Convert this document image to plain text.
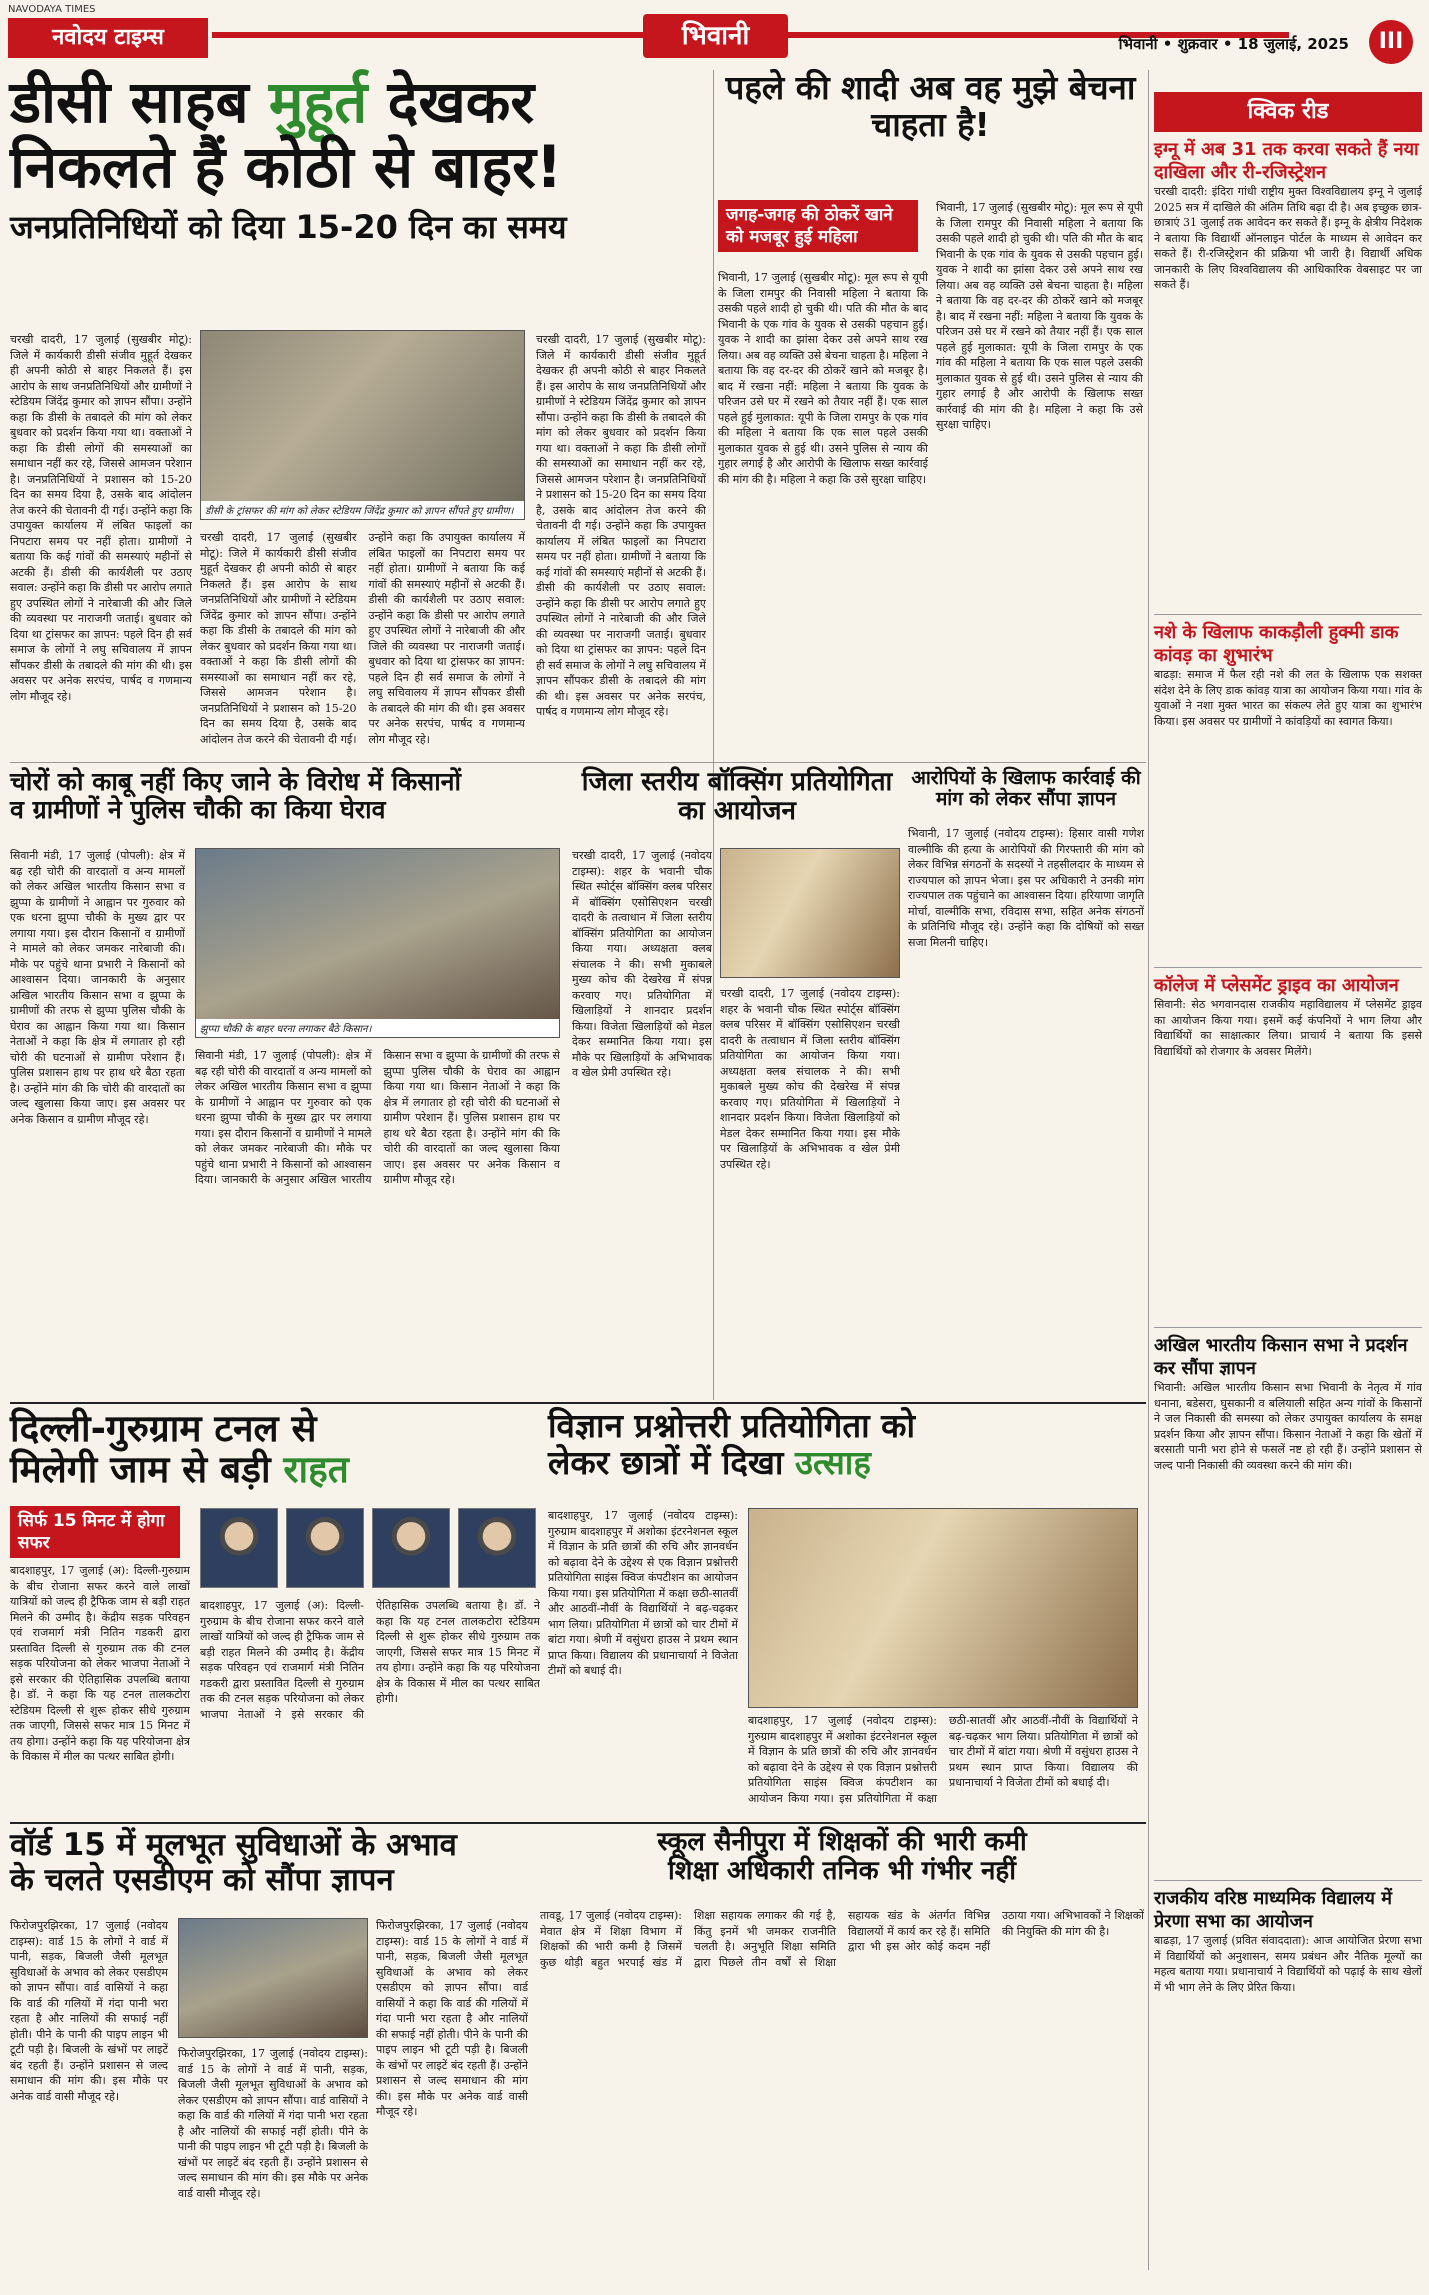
NAVODAYA TIMES
नवोदय टाइम्स	भिवानी	भिवानी • शुक्रवार • 18 जुलाई, 2025	III
डीसी साहब मुहूर्त देखकर
निकलते हैं कोठी से बाहर!
जनप्रतिनिधियों को दिया 15-20 दिन का समय
डीसी के ट्रांसफर की मांग को लेकर स्टेडियम जिंदेंद्र कुमार को ज्ञापन सौंपते हुए ग्रामीण।
चरखी दादरी, 17 जुलाई (सुखबीर मोटू): जिले में कार्यकारी डीसी संजीव मुहूर्त देखकर ही अपनी कोठी से बाहर निकलते हैं। इस आरोप के साथ जनप्रतिनिधियों और ग्रामीणों ने स्टेडियम जिंदेंद्र कुमार को ज्ञापन सौंपा। उन्होंने कहा कि डीसी के तबादले की मांग को लेकर बुधवार को प्रदर्शन किया गया था। वक्ताओं ने कहा कि डीसी लोगों की समस्याओं का समाधान नहीं कर रहे, जिससे आमजन परेशान है। जनप्रतिनिधियों ने प्रशासन को 15-20 दिन का समय दिया है, उसके बाद आंदोलन तेज करने की चेतावनी दी गई। उन्होंने कहा कि उपायुक्त कार्यालय में लंबित फाइलों का निपटारा समय पर नहीं होता। ग्रामीणों ने बताया कि कई गांवों की समस्याएं महीनों से अटकी हैं। डीसी की कार्यशैली पर उठाए सवाल: उन्होंने कहा कि डीसी पर आरोप लगाते हुए उपस्थित लोगों ने नारेबाजी की और जिले की व्यवस्था पर नाराजगी जताई। बुधवार को दिया था ट्रांसफर का ज्ञापन: पहले दिन ही सर्व समाज के लोगों ने लघु सचिवालय में ज्ञापन सौंपकर डीसी के तबादले की मांग की थी। इस अवसर पर अनेक सरपंच, पार्षद व गणमान्य लोग मौजूद रहे।
चरखी दादरी, 17 जुलाई (सुखबीर मोटू): जिले में कार्यकारी डीसी संजीव मुहूर्त देखकर ही अपनी कोठी से बाहर निकलते हैं। इस आरोप के साथ जनप्रतिनिधियों और ग्रामीणों ने स्टेडियम जिंदेंद्र कुमार को ज्ञापन सौंपा। उन्होंने कहा कि डीसी के तबादले की मांग को लेकर बुधवार को प्रदर्शन किया गया था। वक्ताओं ने कहा कि डीसी लोगों की समस्याओं का समाधान नहीं कर रहे, जिससे आमजन परेशान है। जनप्रतिनिधियों ने प्रशासन को 15-20 दिन का समय दिया है, उसके बाद आंदोलन तेज करने की चेतावनी दी गई। उन्होंने कहा कि उपायुक्त कार्यालय में लंबित फाइलों का निपटारा समय पर नहीं होता। ग्रामीणों ने बताया कि कई गांवों की समस्याएं महीनों से अटकी हैं। डीसी की कार्यशैली पर उठाए सवाल: उन्होंने कहा कि डीसी पर आरोप लगाते हुए उपस्थित लोगों ने नारेबाजी की और जिले की व्यवस्था पर नाराजगी जताई। बुधवार को दिया था ट्रांसफर का ज्ञापन: पहले दिन ही सर्व समाज के लोगों ने लघु सचिवालय में ज्ञापन सौंपकर डीसी के तबादले की मांग की थी। इस अवसर पर अनेक सरपंच, पार्षद व गणमान्य लोग मौजूद रहे।
चरखी दादरी, 17 जुलाई (सुखबीर मोटू): जिले में कार्यकारी डीसी संजीव मुहूर्त देखकर ही अपनी कोठी से बाहर निकलते हैं। इस आरोप के साथ जनप्रतिनिधियों और ग्रामीणों ने स्टेडियम जिंदेंद्र कुमार को ज्ञापन सौंपा। उन्होंने कहा कि डीसी के तबादले की मांग को लेकर बुधवार को प्रदर्शन किया गया था। वक्ताओं ने कहा कि डीसी लोगों की समस्याओं का समाधान नहीं कर रहे, जिससे आमजन परेशान है। जनप्रतिनिधियों ने प्रशासन को 15-20 दिन का समय दिया है, उसके बाद आंदोलन तेज करने की चेतावनी दी गई। उन्होंने कहा कि उपायुक्त कार्यालय में लंबित फाइलों का निपटारा समय पर नहीं होता। ग्रामीणों ने बताया कि कई गांवों की समस्याएं महीनों से अटकी हैं। डीसी की कार्यशैली पर उठाए सवाल: उन्होंने कहा कि डीसी पर आरोप लगाते हुए उपस्थित लोगों ने नारेबाजी की और जिले की व्यवस्था पर नाराजगी जताई। बुधवार को दिया था ट्रांसफर का ज्ञापन: पहले दिन ही सर्व समाज के लोगों ने लघु सचिवालय में ज्ञापन सौंपकर डीसी के तबादले की मांग की थी। इस अवसर पर अनेक सरपंच, पार्षद व गणमान्य लोग मौजूद रहे।
पहले की शादी अब वह मुझे बेचना चाहता है!
जगह-जगह की ठोकरें खाने को मजबूर हुई महिला
भिवानी, 17 जुलाई (सुखबीर मोटू): मूल रूप से यूपी के जिला रामपुर की निवासी महिला ने बताया कि उसकी पहले शादी हो चुकी थी। पति की मौत के बाद भिवानी के एक गांव के युवक से उसकी पहचान हुई। युवक ने शादी का झांसा देकर उसे अपने साथ रख लिया। अब वह व्यक्ति उसे बेचना चाहता है। महिला ने बताया कि वह दर-दर की ठोकरें खाने को मजबूर है। बाद में रखना नहीं: महिला ने बताया कि युवक के परिजन उसे घर में रखने को तैयार नहीं हैं। एक साल पहले हुई मुलाकात: यूपी के जिला रामपुर के एक गांव की महिला ने बताया कि एक साल पहले उसकी मुलाकात युवक से हुई थी। उसने पुलिस से न्याय की गुहार लगाई है और आरोपी के खिलाफ सख्त कार्रवाई की मांग की है। महिला ने कहा कि उसे सुरक्षा चाहिए।
भिवानी, 17 जुलाई (सुखबीर मोटू): मूल रूप से यूपी के जिला रामपुर की निवासी महिला ने बताया कि उसकी पहले शादी हो चुकी थी। पति की मौत के बाद भिवानी के एक गांव के युवक से उसकी पहचान हुई। युवक ने शादी का झांसा देकर उसे अपने साथ रख लिया। अब वह व्यक्ति उसे बेचना चाहता है। महिला ने बताया कि वह दर-दर की ठोकरें खाने को मजबूर है। बाद में रखना नहीं: महिला ने बताया कि युवक के परिजन उसे घर में रखने को तैयार नहीं हैं। एक साल पहले हुई मुलाकात: यूपी के जिला रामपुर के एक गांव की महिला ने बताया कि एक साल पहले उसकी मुलाकात युवक से हुई थी। उसने पुलिस से न्याय की गुहार लगाई है और आरोपी के खिलाफ सख्त कार्रवाई की मांग की है। महिला ने कहा कि उसे सुरक्षा चाहिए।
क्विक रीड
इग्नू में अब 31 तक करवा सकते हैं नया दाखिला और री-रजिस्ट्रेशन
चरखी दादरी: इंदिरा गांधी राष्ट्रीय मुक्त विश्वविद्यालय इग्नू ने जुलाई 2025 सत्र में दाखिले की अंतिम तिथि बढ़ा दी है। अब इच्छुक छात्र-छात्राएं 31 जुलाई तक आवेदन कर सकते हैं। इग्नू के क्षेत्रीय निदेशक ने बताया कि विद्यार्थी ऑनलाइन पोर्टल के माध्यम से आवेदन कर सकते हैं। री-रजिस्ट्रेशन की प्रक्रिया भी जारी है। विद्यार्थी अधिक जानकारी के लिए विश्वविद्यालय की आधिकारिक वेबसाइट पर जा सकते हैं।
नशे के खिलाफ काकड़ौली हुक्मी डाक कांवड़ का शुभारंभ
बाढड़ा: समाज में फैल रही नशे की लत के खिलाफ एक सशक्त संदेश देने के लिए डाक कांवड़ यात्रा का आयोजन किया गया। गांव के युवाओं ने नशा मुक्त भारत का संकल्प लेते हुए यात्रा का शुभारंभ किया। इस अवसर पर ग्रामीणों ने कांवड़ियों का स्वागत किया।
कॉलेज में प्लेसमेंट ड्राइव का आयोजन
सिवानी: सेठ भगवानदास राजकीय महाविद्यालय में प्लेसमेंट ड्राइव का आयोजन किया गया। इसमें कई कंपनियों ने भाग लिया और विद्यार्थियों का साक्षात्कार लिया। प्राचार्य ने बताया कि इससे विद्यार्थियों को रोजगार के अवसर मिलेंगे।
अखिल भारतीय किसान सभा ने प्रदर्शन कर सौंपा ज्ञापन
भिवानी: अखिल भारतीय किसान सभा भिवानी के नेतृत्व में गांव धनाना, बडेसरा, घुसकानी व बलियाली सहित अन्य गांवों के किसानों ने जल निकासी की समस्या को लेकर उपायुक्त कार्यालय के समक्ष प्रदर्शन किया और ज्ञापन सौंपा। किसान नेताओं ने कहा कि खेतों में बरसाती पानी भरा होने से फसलें नष्ट हो रही हैं। उन्होंने प्रशासन से जल्द पानी निकासी की व्यवस्था करने की मांग की।
राजकीय वरिष्ठ माध्यमिक विद्यालय में प्रेरणा सभा का आयोजन
बाढड़ा, 17 जुलाई (प्रवित संवाददाता): आज आयोजित प्रेरणा सभा में विद्यार्थियों को अनुशासन, समय प्रबंधन और नैतिक मूल्यों का महत्व बताया गया। प्रधानाचार्य ने विद्यार्थियों को पढ़ाई के साथ खेलों में भी भाग लेने के लिए प्रेरित किया।
चोरों को काबू नहीं किए जाने के विरोध में किसानों
व ग्रामीणों ने पुलिस चौकी का किया घेराव
सिवानी मंडी, 17 जुलाई (पोपली): क्षेत्र में बढ़ रही चोरी की वारदातों व अन्य मामलों को लेकर अखिल भारतीय किसान सभा व झुप्पा के ग्रामीणों ने आह्वान पर गुरुवार को एक धरना झुप्पा चौकी के मुख्य द्वार पर लगाया गया। इस दौरान किसानों व ग्रामीणों ने मामले को लेकर जमकर नारेबाजी की। मौके पर पहुंचे थाना प्रभारी ने किसानों को आश्वासन दिया। जानकारी के अनुसार अखिल भारतीय किसान सभा व झुप्पा के ग्रामीणों की तरफ से झुप्पा पुलिस चौकी के घेराव का आह्वान किया गया था। किसान नेताओं ने कहा कि क्षेत्र में लगातार हो रही चोरी की घटनाओं से ग्रामीण परेशान हैं। पुलिस प्रशासन हाथ पर हाथ धरे बैठा रहता है। उन्होंने मांग की कि चोरी की वारदातों का जल्द खुलासा किया जाए। इस अवसर पर अनेक किसान व ग्रामीण मौजूद रहे।
झुप्पा चौकी के बाहर धरना लगाकर बैठे किसान।
सिवानी मंडी, 17 जुलाई (पोपली): क्षेत्र में बढ़ रही चोरी की वारदातों व अन्य मामलों को लेकर अखिल भारतीय किसान सभा व झुप्पा के ग्रामीणों ने आह्वान पर गुरुवार को एक धरना झुप्पा चौकी के मुख्य द्वार पर लगाया गया। इस दौरान किसानों व ग्रामीणों ने मामले को लेकर जमकर नारेबाजी की। मौके पर पहुंचे थाना प्रभारी ने किसानों को आश्वासन दिया। जानकारी के अनुसार अखिल भारतीय किसान सभा व झुप्पा के ग्रामीणों की तरफ से झुप्पा पुलिस चौकी के घेराव का आह्वान किया गया था। किसान नेताओं ने कहा कि क्षेत्र में लगातार हो रही चोरी की घटनाओं से ग्रामीण परेशान हैं। पुलिस प्रशासन हाथ पर हाथ धरे बैठा रहता है। उन्होंने मांग की कि चोरी की वारदातों का जल्द खुलासा किया जाए। इस अवसर पर अनेक किसान व ग्रामीण मौजूद रहे।
जिला स्तरीय बॉक्सिंग प्रतियोगिता का आयोजन
चरखी दादरी, 17 जुलाई (नवोदय टाइम्स): शहर के भवानी चौक स्थित स्पोर्ट्स बॉक्सिंग क्लब परिसर में बॉक्सिंग एसोसिएशन चरखी दादरी के तत्वाधान में जिला स्तरीय बॉक्सिंग प्रतियोगिता का आयोजन किया गया। अध्यक्षता क्लब संचालक ने की। सभी मुकाबले मुख्य कोच की देखरेख में संपन्न करवाए गए। प्रतियोगिता में खिलाड़ियों ने शानदार प्रदर्शन किया। विजेता खिलाड़ियों को मेडल देकर सम्मानित किया गया। इस मौके पर खिलाड़ियों के अभिभावक व खेल प्रेमी उपस्थित रहे।
चरखी दादरी, 17 जुलाई (नवोदय टाइम्स): शहर के भवानी चौक स्थित स्पोर्ट्स बॉक्सिंग क्लब परिसर में बॉक्सिंग एसोसिएशन चरखी दादरी के तत्वाधान में जिला स्तरीय बॉक्सिंग प्रतियोगिता का आयोजन किया गया। अध्यक्षता क्लब संचालक ने की। सभी मुकाबले मुख्य कोच की देखरेख में संपन्न करवाए गए। प्रतियोगिता में खिलाड़ियों ने शानदार प्रदर्शन किया। विजेता खिलाड़ियों को मेडल देकर सम्मानित किया गया। इस मौके पर खिलाड़ियों के अभिभावक व खेल प्रेमी उपस्थित रहे।
आरोपियों के खिलाफ कार्रवाई की मांग को लेकर सौंपा ज्ञापन
भिवानी, 17 जुलाई (नवोदय टाइम्स): हिसार वासी गणेश वाल्मीकि की हत्या के आरोपियों की गिरफ्तारी की मांग को लेकर विभिन्न संगठनों के सदस्यों ने तहसीलदार के माध्यम से राज्यपाल को ज्ञापन भेजा। इस पर अधिकारी ने उनकी मांग राज्यपाल तक पहुंचाने का आश्वासन दिया। हरियाणा जागृति मोर्चा, वाल्मीकि सभा, रविदास सभा, सहित अनेक संगठनों के प्रतिनिधि मौजूद रहे। उन्होंने कहा कि दोषियों को सख्त सजा मिलनी चाहिए।
दिल्ली-गुरुग्राम टनल से
मिलेगी जाम से बड़ी राहत
सिर्फ 15 मिनट में होगा सफर
बादशाहपुर, 17 जुलाई (अ): दिल्ली-गुरुग्राम के बीच रोजाना सफर करने वाले लाखों यात्रियों को जल्द ही ट्रैफिक जाम से बड़ी राहत मिलने की उम्मीद है। केंद्रीय सड़क परिवहन एवं राजमार्ग मंत्री नितिन गडकरी द्वारा प्रस्तावित दिल्ली से गुरुग्राम तक की टनल सड़क परियोजना को लेकर भाजपा नेताओं ने इसे सरकार की ऐतिहासिक उपलब्धि बताया है। डॉ. ने कहा कि यह टनल तालकटोरा स्टेडियम दिल्ली से शुरू होकर सीधे गुरुग्राम तक जाएगी, जिससे सफर मात्र 15 मिनट में तय होगा। उन्होंने कहा कि यह परियोजना क्षेत्र के विकास में मील का पत्थर साबित होगी।
बादशाहपुर, 17 जुलाई (अ): दिल्ली-गुरुग्राम के बीच रोजाना सफर करने वाले लाखों यात्रियों को जल्द ही ट्रैफिक जाम से बड़ी राहत मिलने की उम्मीद है। केंद्रीय सड़क परिवहन एवं राजमार्ग मंत्री नितिन गडकरी द्वारा प्रस्तावित दिल्ली से गुरुग्राम तक की टनल सड़क परियोजना को लेकर भाजपा नेताओं ने इसे सरकार की ऐतिहासिक उपलब्धि बताया है। डॉ. ने कहा कि यह टनल तालकटोरा स्टेडियम दिल्ली से शुरू होकर सीधे गुरुग्राम तक जाएगी, जिससे सफर मात्र 15 मिनट में तय होगा। उन्होंने कहा कि यह परियोजना क्षेत्र के विकास में मील का पत्थर साबित होगी।
विज्ञान प्रश्नोत्तरी प्रतियोगिता को
लेकर छात्रों में दिखा उत्साह
बादशाहपुर, 17 जुलाई (नवोदय टाइम्स): गुरुग्राम बादशाहपुर में अशोका इंटरनेशनल स्कूल में विज्ञान के प्रति छात्रों की रुचि और ज्ञानवर्धन को बढ़ावा देने के उद्देश्य से एक विज्ञान प्रश्नोत्तरी प्रतियोगिता साइंस क्विज कंपटीशन का आयोजन किया गया। इस प्रतियोगिता में कक्षा छठी-सातवीं और आठवीं-नौवीं के विद्यार्थियों ने बढ़-चढ़कर भाग लिया। प्रतियोगिता में छात्रों को चार टीमों में बांटा गया। श्रेणी में वसुंधरा हाउस ने प्रथम स्थान प्राप्त किया। विद्यालय की प्रधानाचार्या ने विजेता टीमों को बधाई दी।
बादशाहपुर, 17 जुलाई (नवोदय टाइम्स): गुरुग्राम बादशाहपुर में अशोका इंटरनेशनल स्कूल में विज्ञान के प्रति छात्रों की रुचि और ज्ञानवर्धन को बढ़ावा देने के उद्देश्य से एक विज्ञान प्रश्नोत्तरी प्रतियोगिता साइंस क्विज कंपटीशन का आयोजन किया गया। इस प्रतियोगिता में कक्षा छठी-सातवीं और आठवीं-नौवीं के विद्यार्थियों ने बढ़-चढ़कर भाग लिया। प्रतियोगिता में छात्रों को चार टीमों में बांटा गया। श्रेणी में वसुंधरा हाउस ने प्रथम स्थान प्राप्त किया। विद्यालय की प्रधानाचार्या ने विजेता टीमों को बधाई दी।
वॉर्ड 15 में मूलभूत सुविधाओं के अभाव
के चलते एसडीएम को सौंपा ज्ञापन
फिरोजपुरझिरका, 17 जुलाई (नवोदय टाइम्स): वार्ड 15 के लोगों ने वार्ड में पानी, सड़क, बिजली जैसी मूलभूत सुविधाओं के अभाव को लेकर एसडीएम को ज्ञापन सौंपा। वार्ड वासियों ने कहा कि वार्ड की गलियों में गंदा पानी भरा रहता है और नालियों की सफाई नहीं होती। पीने के पानी की पाइप लाइन भी टूटी पड़ी है। बिजली के खंभों पर लाइटें बंद रहती हैं। उन्होंने प्रशासन से जल्द समाधान की मांग की। इस मौके पर अनेक वार्ड वासी मौजूद रहे।
फिरोजपुरझिरका, 17 जुलाई (नवोदय टाइम्स): वार्ड 15 के लोगों ने वार्ड में पानी, सड़क, बिजली जैसी मूलभूत सुविधाओं के अभाव को लेकर एसडीएम को ज्ञापन सौंपा। वार्ड वासियों ने कहा कि वार्ड की गलियों में गंदा पानी भरा रहता है और नालियों की सफाई नहीं होती। पीने के पानी की पाइप लाइन भी टूटी पड़ी है। बिजली के खंभों पर लाइटें बंद रहती हैं। उन्होंने प्रशासन से जल्द समाधान की मांग की। इस मौके पर अनेक वार्ड वासी मौजूद रहे।
फिरोजपुरझिरका, 17 जुलाई (नवोदय टाइम्स): वार्ड 15 के लोगों ने वार्ड में पानी, सड़क, बिजली जैसी मूलभूत सुविधाओं के अभाव को लेकर एसडीएम को ज्ञापन सौंपा। वार्ड वासियों ने कहा कि वार्ड की गलियों में गंदा पानी भरा रहता है और नालियों की सफाई नहीं होती। पीने के पानी की पाइप लाइन भी टूटी पड़ी है। बिजली के खंभों पर लाइटें बंद रहती हैं। उन्होंने प्रशासन से जल्द समाधान की मांग की। इस मौके पर अनेक वार्ड वासी मौजूद रहे।
स्कूल सैनीपुरा में शिक्षकों की भारी कमी
शिक्षा अधिकारी तनिक भी गंभीर नहीं
तावडू, 17 जुलाई (नवोदय टाइम्स): मेवात क्षेत्र में शिक्षा विभाग में शिक्षकों की भारी कमी है जिसमें कुछ थोड़ी बहुत भरपाई खंड में शिक्षा सहायक लगाकर की गई है, किंतु इनमें भी जमकर राजनीति चलती है। अनुभूति शिक्षा समिति द्वारा पिछले तीन वर्षों से शिक्षा सहायक खंड के अंतर्गत विभिन्न विद्यालयों में कार्य कर रहे हैं। समिति द्वारा भी इस ओर कोई कदम नहीं उठाया गया। अभिभावकों ने शिक्षकों की नियुक्ति की मांग की है।
